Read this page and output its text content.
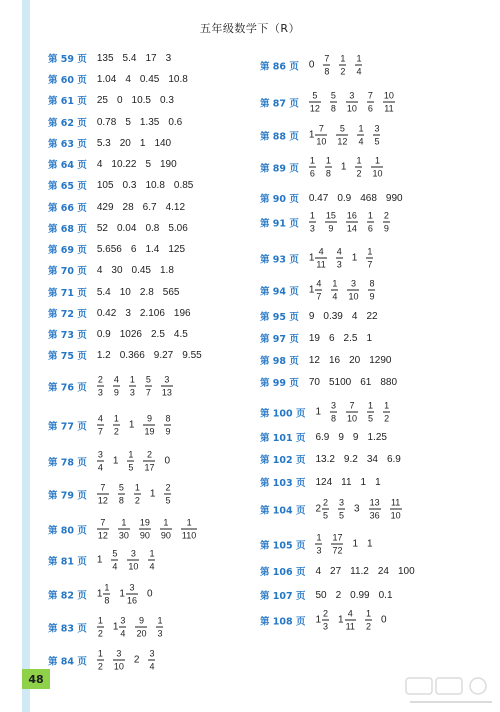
五年级数学下（R）
第 59 页 135 5.4 17 3
第 60 页 1.04 4 0.45 10.8
第 61 页 25 0 10.5 0.3
第 62 页 0.78 5 1.35 0.6
第 63 页 5.3 20 1 140
第 64 页 4 10.22 5 190
第 65 页 105 0.3 10.8 0.85
第 66 页 429 28 6.7 4.12
第 68 页 52 0.04 0.8 5.06
第 69 页 5.656 6 1.4 125
第 70 页 4 30 0.45 1.8
第 71 页 5.4 10 2.8 565
第 72 页 0.42 3 2.106 196
第 73 页 0.9 1026 2.5 4.5
第 75 页 1.2 0.366 9.27 9.55
第 76 页 $\frac{2}{3} \frac{4}{9} \frac{1}{3} \frac{5}{7} \frac{3}{13}$
第 77 页 $\frac{4}{7} \frac{1}{2} 1 \frac{9}{19} \frac{8}{9}$
第 78 页 $\frac{3}{4} 1 \frac{1}{5} \frac{2}{17} 0$
第 79 页 $\frac{7}{12} \frac{5}{8} \frac{1}{2} 1 \frac{2}{5}$
第 80 页 $\frac{7}{12} \frac{1}{30} \frac{19}{90} \frac{1}{90} \frac{1}{110}$
第 81 页 $1 \frac{5}{4} \frac{3}{10} \frac{1}{4}$
第 82 页 $1 \frac{1}{8} 1 \frac{3}{16} 0$
第 83 页 $\frac{1}{2} 1 \frac{3}{4} \frac{9}{20} \frac{1}{3}$
第 84 页 $\frac{1}{2} \frac{3}{10} 2 \frac{3}{4}$
第 86 页 $0 \frac{7}{8} \frac{1}{2} \frac{1}{4}$
第 87 页 $\frac{5}{12} \frac{5}{8} \frac{3}{10} \frac{7}{6} \frac{10}{11}$
第 88 页 $1 \frac{7}{10} \frac{5}{12} \frac{1}{4} \frac{3}{5}$
第 89 页 $\frac{1}{6} \frac{1}{8} 1 \frac{1}{2} \frac{1}{10}$
第 90 页 0.47 0.9 468 990
第 91 页 $\frac{1}{3} \frac{15}{9} \frac{16}{14} \frac{1}{6} \frac{2}{9}$
第 93 页 $1 \frac{4}{11} \frac{4}{3} 1 \frac{1}{7}$
第 94 页 $1 \frac{4}{7} \frac{1}{4} \frac{3}{10} \frac{8}{9}$
第 95 页 9 0.39 4 22
第 97 页 19 6 2.5 1
第 98 页 12 16 20 1290
第 99 页 70 5100 61 880
第 100 页 $1 \frac{3}{8} \frac{7}{10} \frac{1}{5} \frac{1}{2}$
第 101 页 6.9 9 9 1.25
第 102 页 13.2 9.2 34 6.9
第 103 页 124 11 1 1
第 104 页 $2 \frac{2}{5} \frac{3}{5} 3 \frac{13}{36} \frac{11}{10}$
第 105 页 $\frac{1}{3} \frac{17}{72} 1$ 1
第 106 页 4 27 11.2 24 100
第 107 页 50 2 0.99 0.1
第 108 页 $1 \frac{2}{3} 1 \frac{4}{11} \frac{1}{2} 0$
48
